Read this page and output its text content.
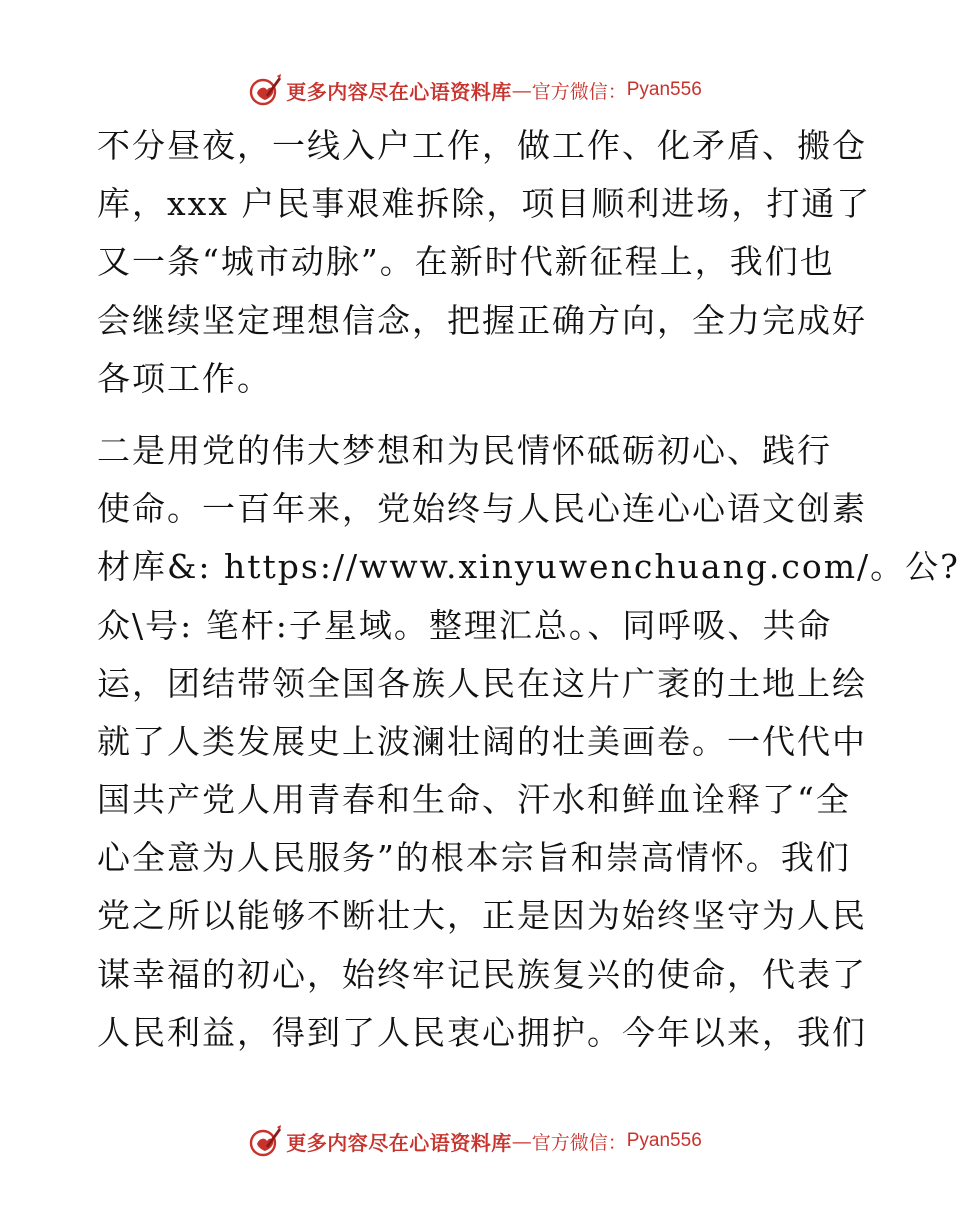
更多内容尽在心语资料库 — 官方微信： Pyan556
不分昼夜，一线入户工作，做工作、化矛盾、搬仓
库，xxx 户民事艰难拆除，项目顺利进场，打通了
又一条“城市动脉”。在新时代新征程上，我们也
会继续坚定理想信念，把握正确方向，全力完成好
各项工作。
二是用党的伟大梦想和为民情怀砥砺初心、践行
使命。一百年来，党始终与人民心连心心语文创素
材库&: https://www.xinyuwenchuang.com/。公?
众\号: 笔杆:子星域。整理汇总。、同呼吸、共命
运，团结带领全国各族人民在这片广袤的土地上绘
就了人类发展史上波澜壮阔的壮美画卷。一代代中
国共产党人用青春和生命、汗水和鲜血诠释了“全
心全意为人民服务”的根本宗旨和崇高情怀。我们
党之所以能够不断壮大，正是因为始终坚守为人民
谋幸福的初心，始终牢记民族复兴的使命，代表了
人民利益，得到了人民衷心拥护。今年以来，我们
更多内容尽在心语资料库 — 官方微信： Pyan556
